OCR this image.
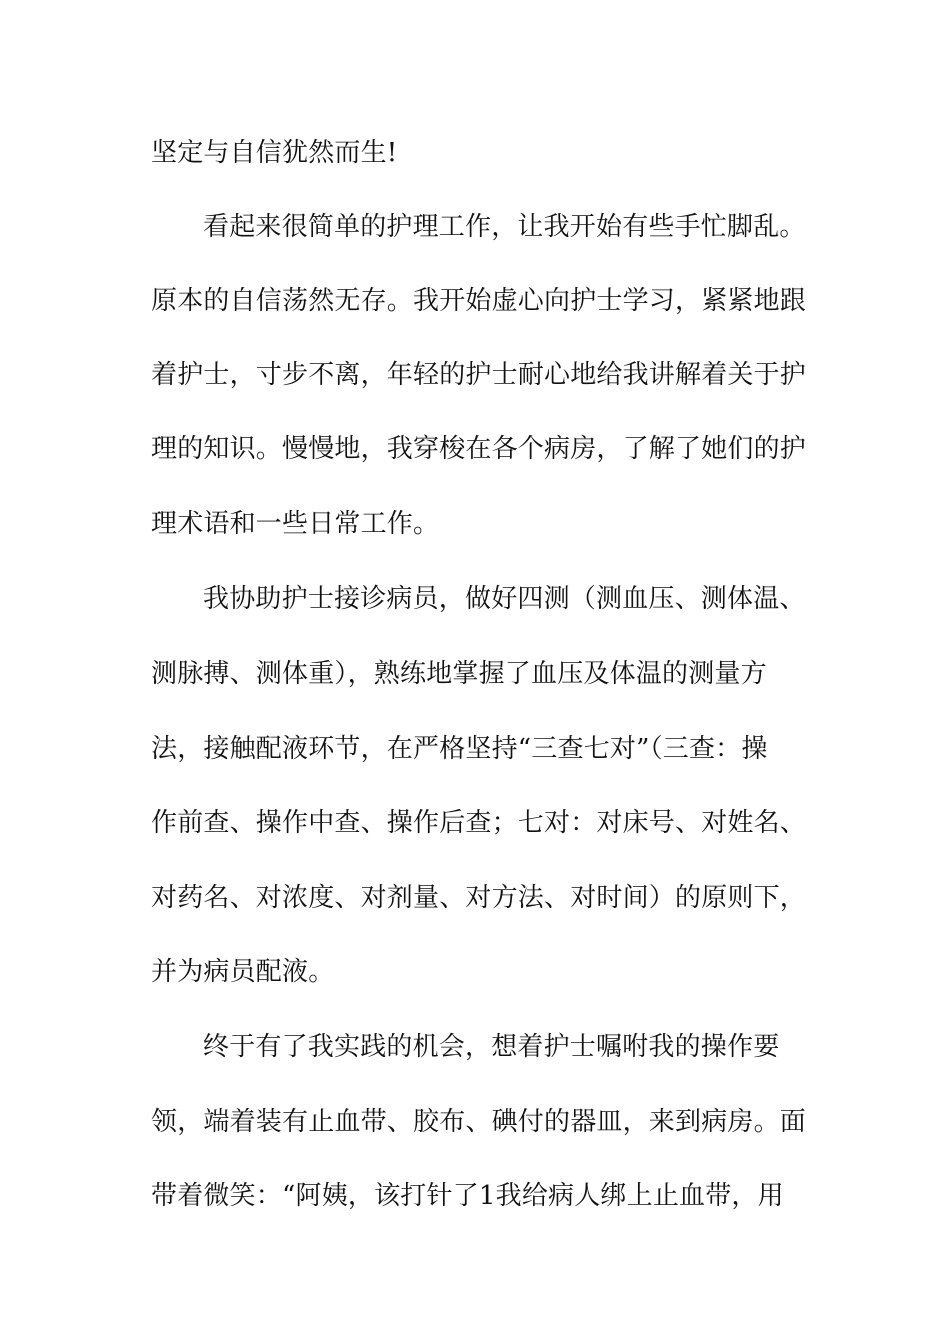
坚定与自信犹然而生!

看起来很简单的护理工作，让我开始有些手忙脚乱。

原本的自信荡然无存。我开始虚心向护士学习，紧紧地跟

着护士，寸步不离，年轻的护士耐心地给我讲解着关于护

理的知识。慢慢地，我穿梭在各个病房，了解了她们的护

理术语和一些日常工作。

我协助护士接诊病员，做好四测（测血压、测体温、

测脉搏、测体重），熟练地掌握了血压及体温的测量方

法，接触配液环节，在严格坚持“三查七对”（三查：操

作前查、操作中查、操作后查；七对：对床号、对姓名、

对药名、对浓度、对剂量、对方法、对时间）的原则下，

并为病员配液。

终于有了我实践的机会，想着护士嘱咐我的操作要

领，端着装有止血带、胶布、碘付的器皿，来到病房。面

带着微笑：“阿姨，该打针了1我给病人绑上止血带，用
